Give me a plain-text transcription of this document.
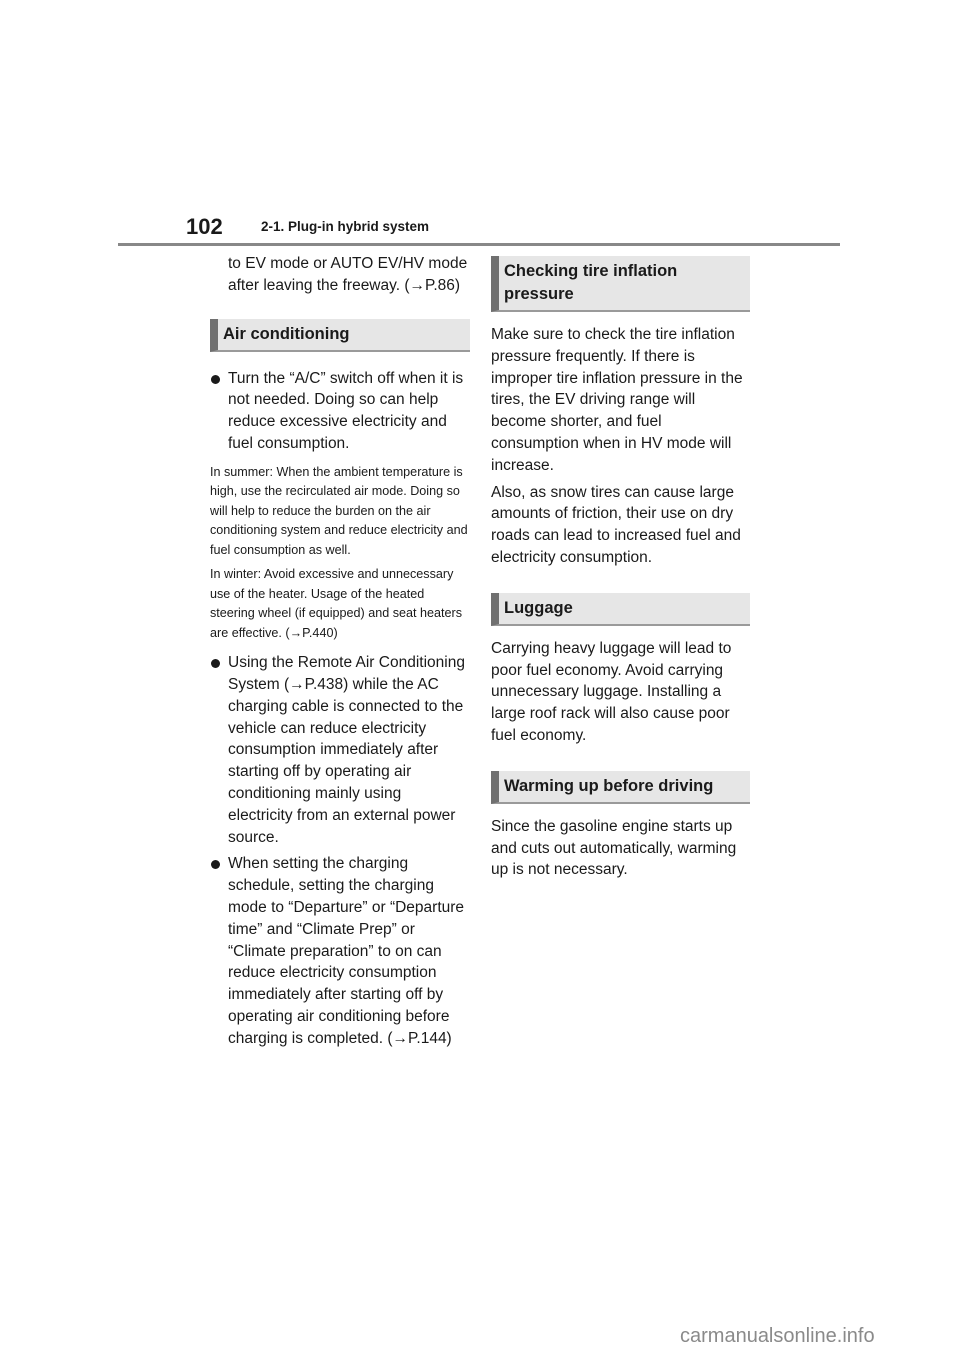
102	2-1. Plug-in hybrid system

to EV mode or AUTO EV/HV mode after leaving the freeway. (→P.86)

Air conditioning

Turn the “A/C” switch off when it is not needed. Doing so can help reduce excessive electricity and fuel consumption.

In summer: When the ambient temperature is high, use the recirculated air mode. Doing so will help to reduce the burden on the air conditioning system and reduce electricity and fuel consumption as well.

In winter: Avoid excessive and unnecessary use of the heater. Usage of the heated steering wheel (if equipped) and seat heaters are effective. (→P.440)

Using the Remote Air Conditioning System (→P.438) while the AC charging cable is connected to the vehicle can reduce electricity consumption immediately after starting off by operating air conditioning mainly using electricity from an external power source.

When setting the charging schedule, setting the charging mode to “Departure” or “Departure time” and “Climate Prep” or “Climate preparation” to on can reduce electricity consumption immediately after starting off by operating air conditioning before charging is completed. (→P.144)

Checking tire inflation pressure

Make sure to check the tire inflation pressure frequently. If there is improper tire inflation pressure in the tires, the EV driving range will become shorter, and fuel consumption when in HV mode will increase.

Also, as snow tires can cause large amounts of friction, their use on dry roads can lead to increased fuel and electricity consumption.

Luggage

Carrying heavy luggage will lead to poor fuel economy. Avoid carrying unnecessary luggage. Installing a large roof rack will also cause poor fuel economy.

Warming up before driving

Since the gasoline engine starts up and cuts out automatically, warming up is not necessary.

carmanualsonline.info
